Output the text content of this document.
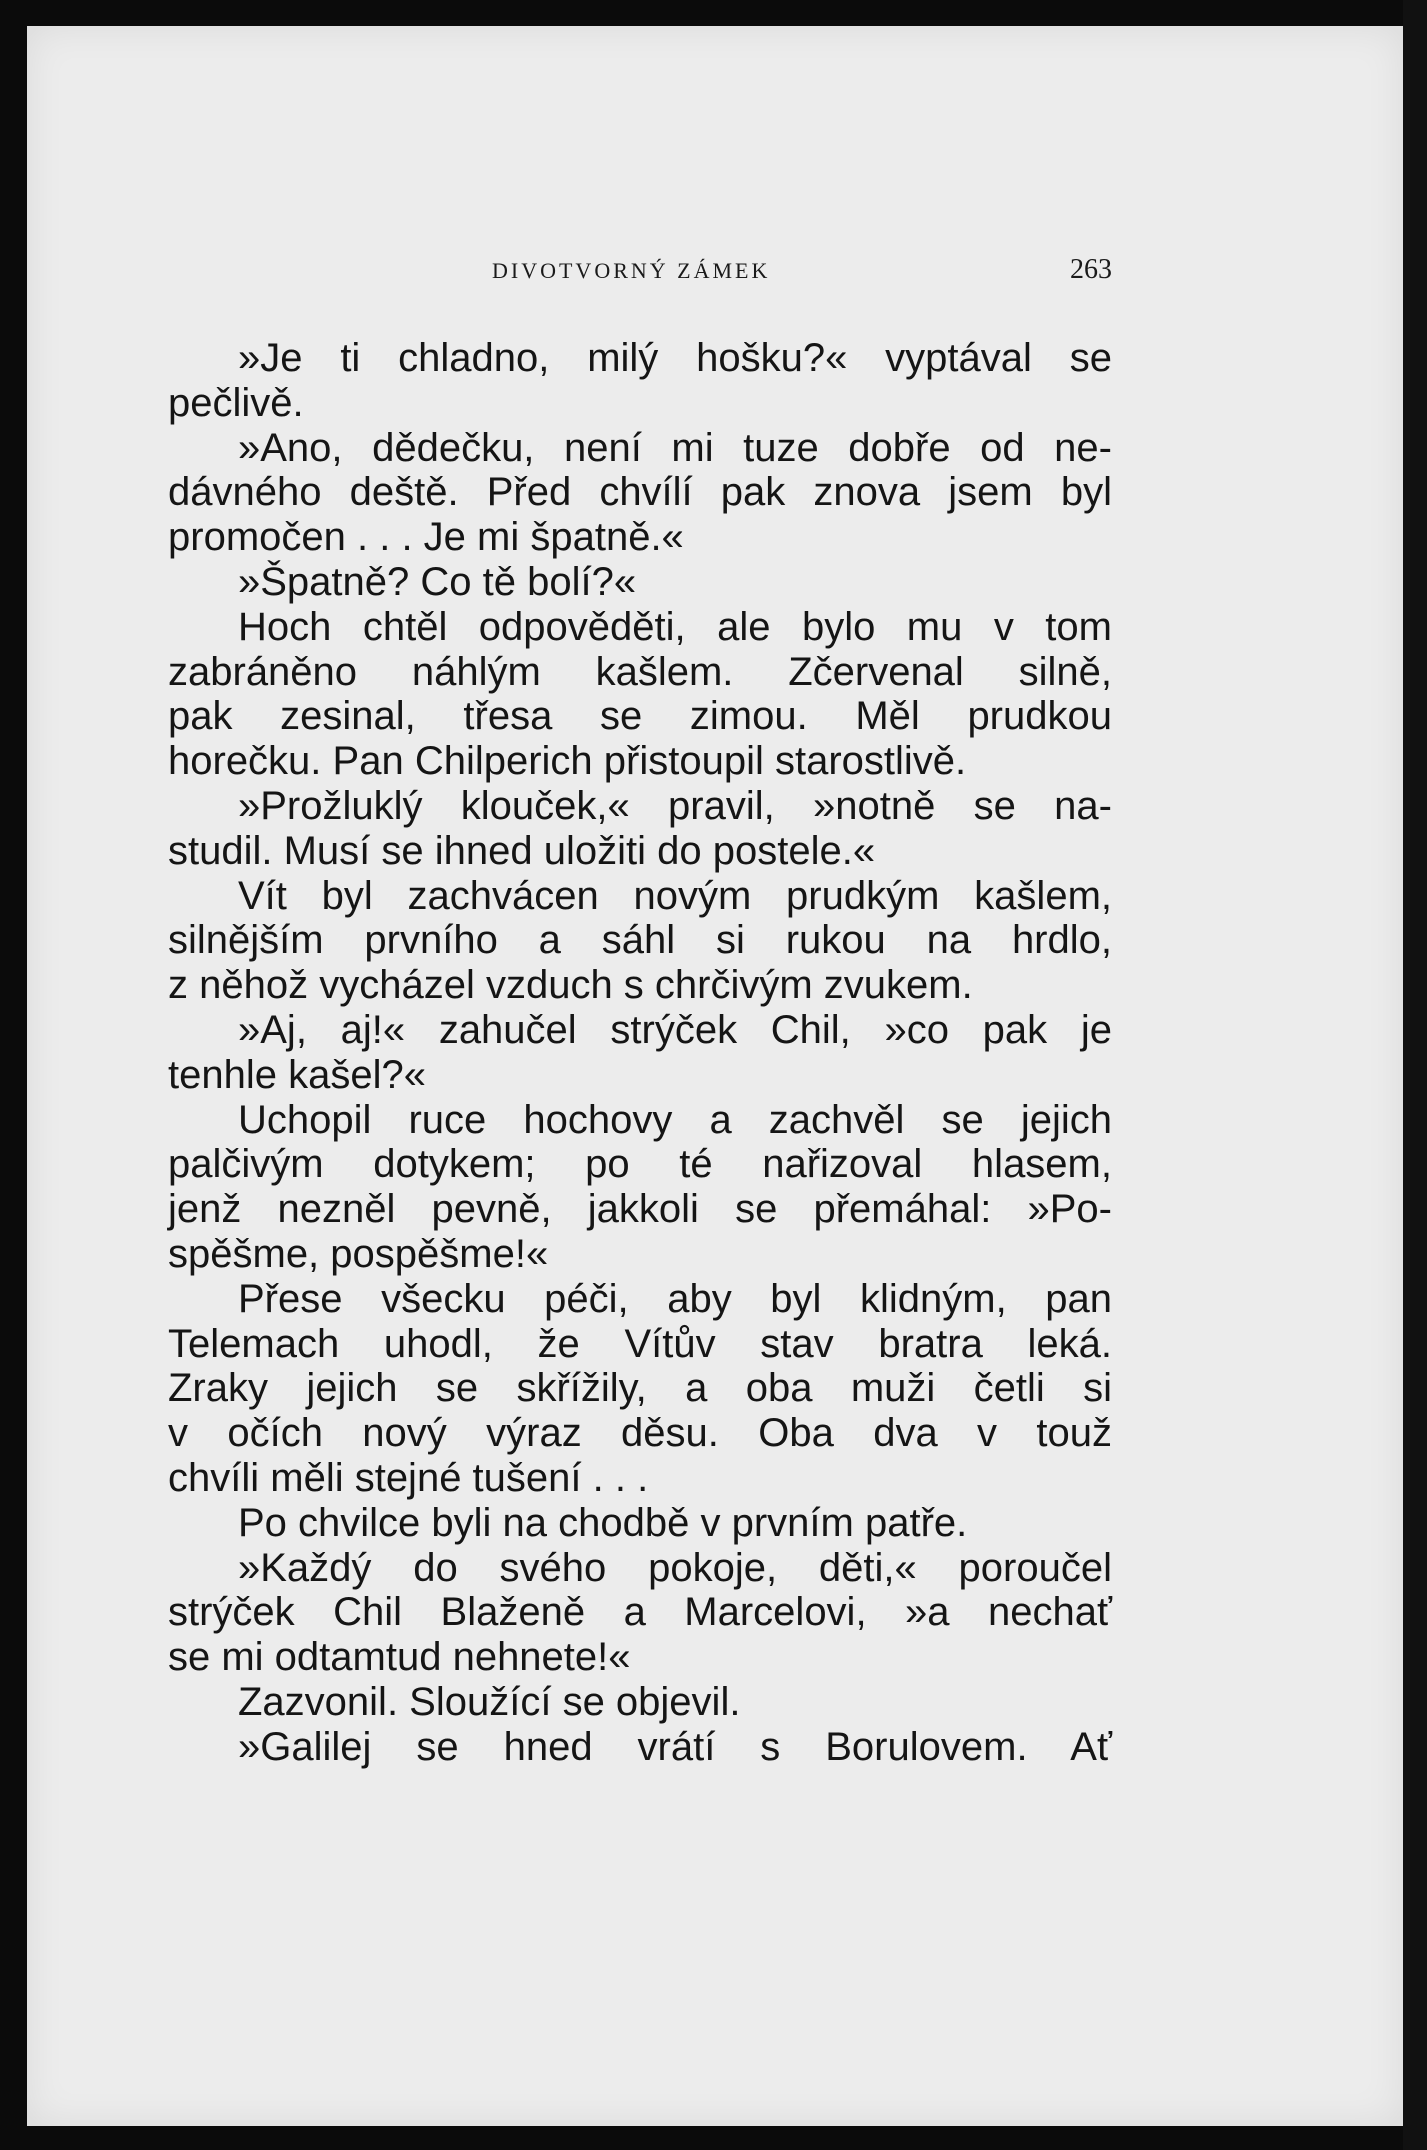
DIVOTVORNÝ ZÁMEK	263
»Je ti chladno, milý hošku?« vyptával se
pečlivě.
»Ano, dědečku, není mi tuze dobře od ne-
dávného deště. Před chvílí pak znova jsem byl
promočen . . . Je mi špatně.«
»Špatně? Co tě bolí?«
Hoch chtěl odpověděti, ale bylo mu v tom
zabráněno náhlým kašlem. Zčervenal silně,
pak zesinal, třesa se zimou. Měl prudkou
horečku. Pan Chilperich přistoupil starostlivě.
»Prožluklý klouček,« pravil, »notně se na-
studil. Musí se ihned uložiti do postele.«
Vít byl zachvácen novým prudkým kašlem,
silnějším prvního a sáhl si rukou na hrdlo,
z něhož vycházel vzduch s chrčivým zvukem.
»Aj, aj!« zahučel strýček Chil, »co pak je
tenhle kašel?«
Uchopil ruce hochovy a zachvěl se jejich
palčivým dotykem; po té nařizoval hlasem,
jenž nezněl pevně, jakkoli se přemáhal: »Po-
spěšme, pospěšme!«
Přese všecku péči, aby byl klidným, pan
Telemach uhodl, že Vítův stav bratra leká.
Zraky jejich se skřížily, a oba muži četli si
v očích nový výraz děsu. Oba dva v touž
chvíli měli stejné tušení . . .
Po chvilce byli na chodbě v prvním patře.
»Každý do svého pokoje, děti,« poroučel
strýček Chil Blaženě a Marcelovi, »a nechať
se mi odtamtud nehnete!«
Zazvonil. Sloužící se objevil.
»Galilej se hned vrátí s Borulovem. Ať
